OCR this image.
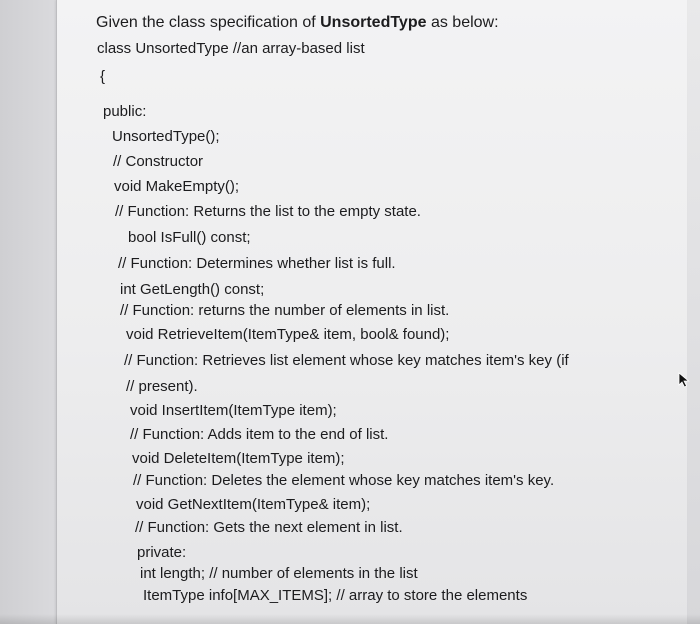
Given the class specification of UnsortedType as below:
class UnsortedType //an array-based list
{
public:
UnsortedType();
// Constructor
void MakeEmpty();
// Function: Returns the list to the empty state.
bool IsFull() const;
// Function: Determines whether list is full.
int GetLength() const;
// Function: returns the number of elements in list.
void RetrieveItem(ItemType& item, bool& found);
// Function: Retrieves list element whose key matches item's key (if
// present).
void InsertItem(ItemType item);
// Function: Adds item to the end of list.
void DeleteItem(ItemType item);
// Function: Deletes the element whose key matches item's key.
void GetNextItem(ItemType& item);
// Function: Gets the next element in list.
private:
int length; // number of elements in the list
ItemType info[MAX_ITEMS]; // array to store the elements
